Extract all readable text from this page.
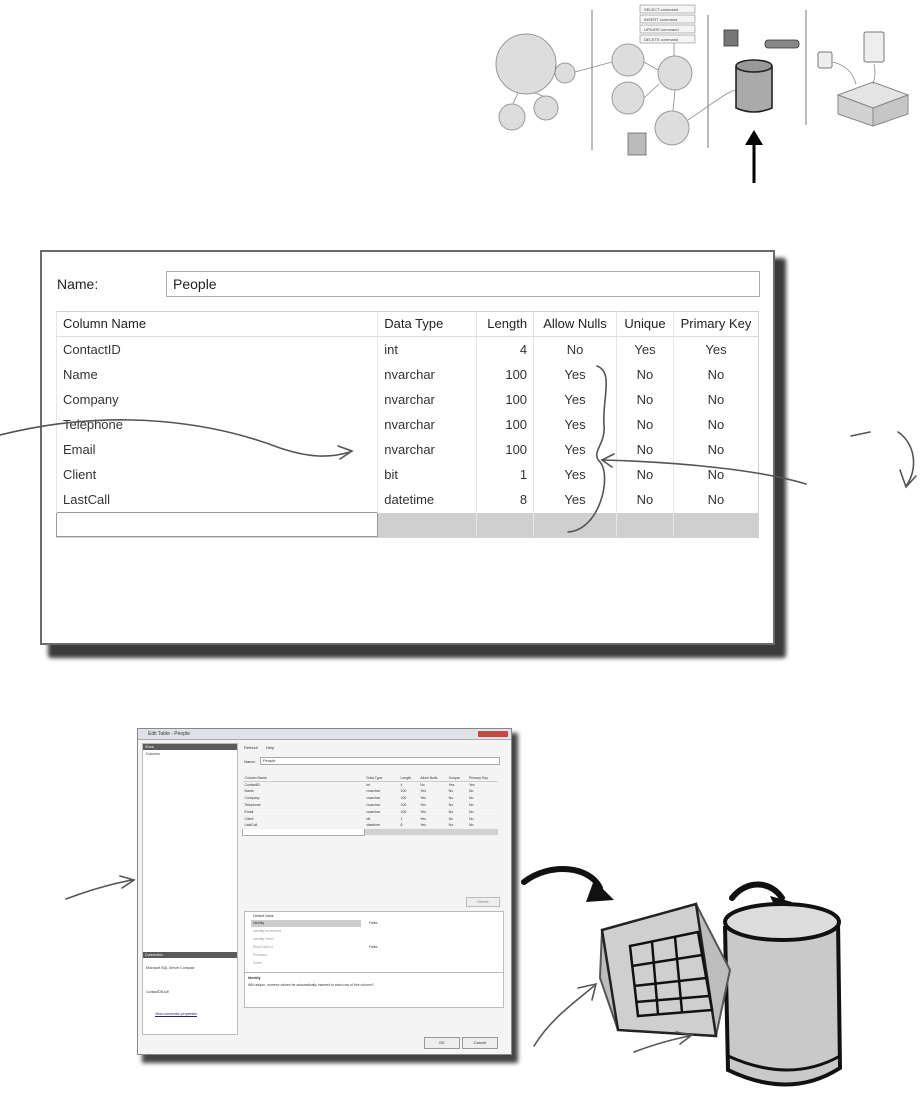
SELECT command
INSERT command
UPDATE command
DELETE command
Name:	People
Column Name	Data Type	Length	Allow Nulls	Unique	Primary Key
ContactID	int	4	No	Yes	Yes
Name	nvarchar	100	Yes	No	No
Company	nvarchar	100	Yes	No	No
Telephone	nvarchar	100	Yes	No	No
Email	nvarchar	100	Yes	No	No
Client	bit	1	Yes	No	No
LastCall	datetime	8	Yes	No	No

Edit Table - People
Show
Columns
Connection
Microsoft SQL Server Compact
ContactDB.sdf
View connection properties
Refresh Help
Name:	People
Column Name	Data Type	Length	Allow Nulls	Unique	Primary Key
ContactID	int	4	No	Yes	Yes
Name	nvarchar	100	Yes	No	No
Company	nvarchar	100	Yes	No	No
Telephone	nvarchar	100	Yes	No	No
Email	nvarchar	100	Yes	No	No
Client	bit	1	Yes	No	No
LastCall	datetime	8	Yes	No	No

Delete
Default Value
Identity	False
Identity Increment
Identity Seed
RowGuidCol	False
Precision
Scale
Identity
Will unique, numeric values be automatically inserted in each row of this column?
OK	Cancel
